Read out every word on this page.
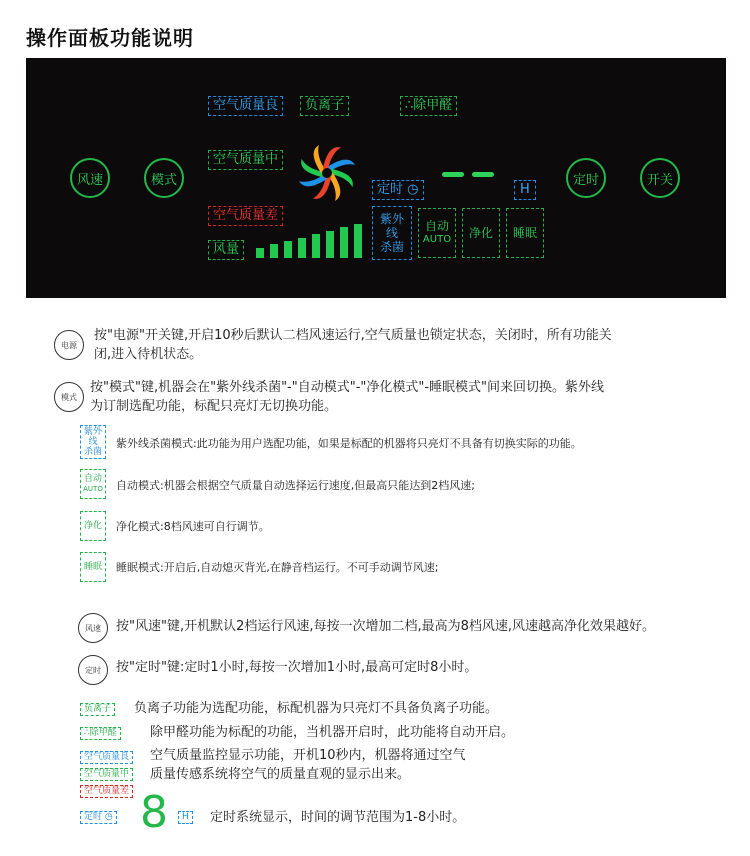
操作面板功能说明
风速	模式	定时	开关
空气质量良	负离子	∴除甲醛
空气质量中
空气质量差
风量
定时 ◷	H
紫外
线
杀菌
自动
AUTO	净化	睡眠
电源
按"电源"开关键,开启10秒后默认二档风速运行,空气质量也锁定状态，关闭时，所有功能关
闭,进入待机状态。
模式
按"模式"键,机器会在"紫外线杀菌"-"自动模式"-"净化模式"-睡眠模式"间来回切换。紫外线
为订制选配功能，标配只亮灯无切换功能。
紫外
线
杀菌
紫外线杀菌模式:此功能为用户选配功能，如果是标配的机器将只亮灯不具备有切换实际的功能。
自动
AUTO 自动模式:机器会根据空气质量自动选择运行速度,但最高只能达到2档风速;
净化 净化模式:8档风速可自行调节。
睡眠 睡眠模式:开启后,自动熄灭背光,在静音档运行。不可手动调节风速;
风速	按"风速"键,开机默认2档运行风速,每按一次增加二档,最高为8档风速,风速越高净化效果越好。
定时	按"定时"键:定时1小时,每按一次增加1小时,最高可定时8小时。
负离子	负离子功能为选配功能，标配机器为只亮灯不具备负离子功能。
∴除甲醛	除甲醛功能为标配的功能，当机器开启时，此功能将自动开启。
空气质量良
空气质量中
空气质量差
空气质量监控显示功能，开机10秒内，机器将通过空气
质量传感系统将空气的质量直观的显示出来。
定时 ◷ 8	H	定时系统显示，时间的调节范围为1-8小时。
